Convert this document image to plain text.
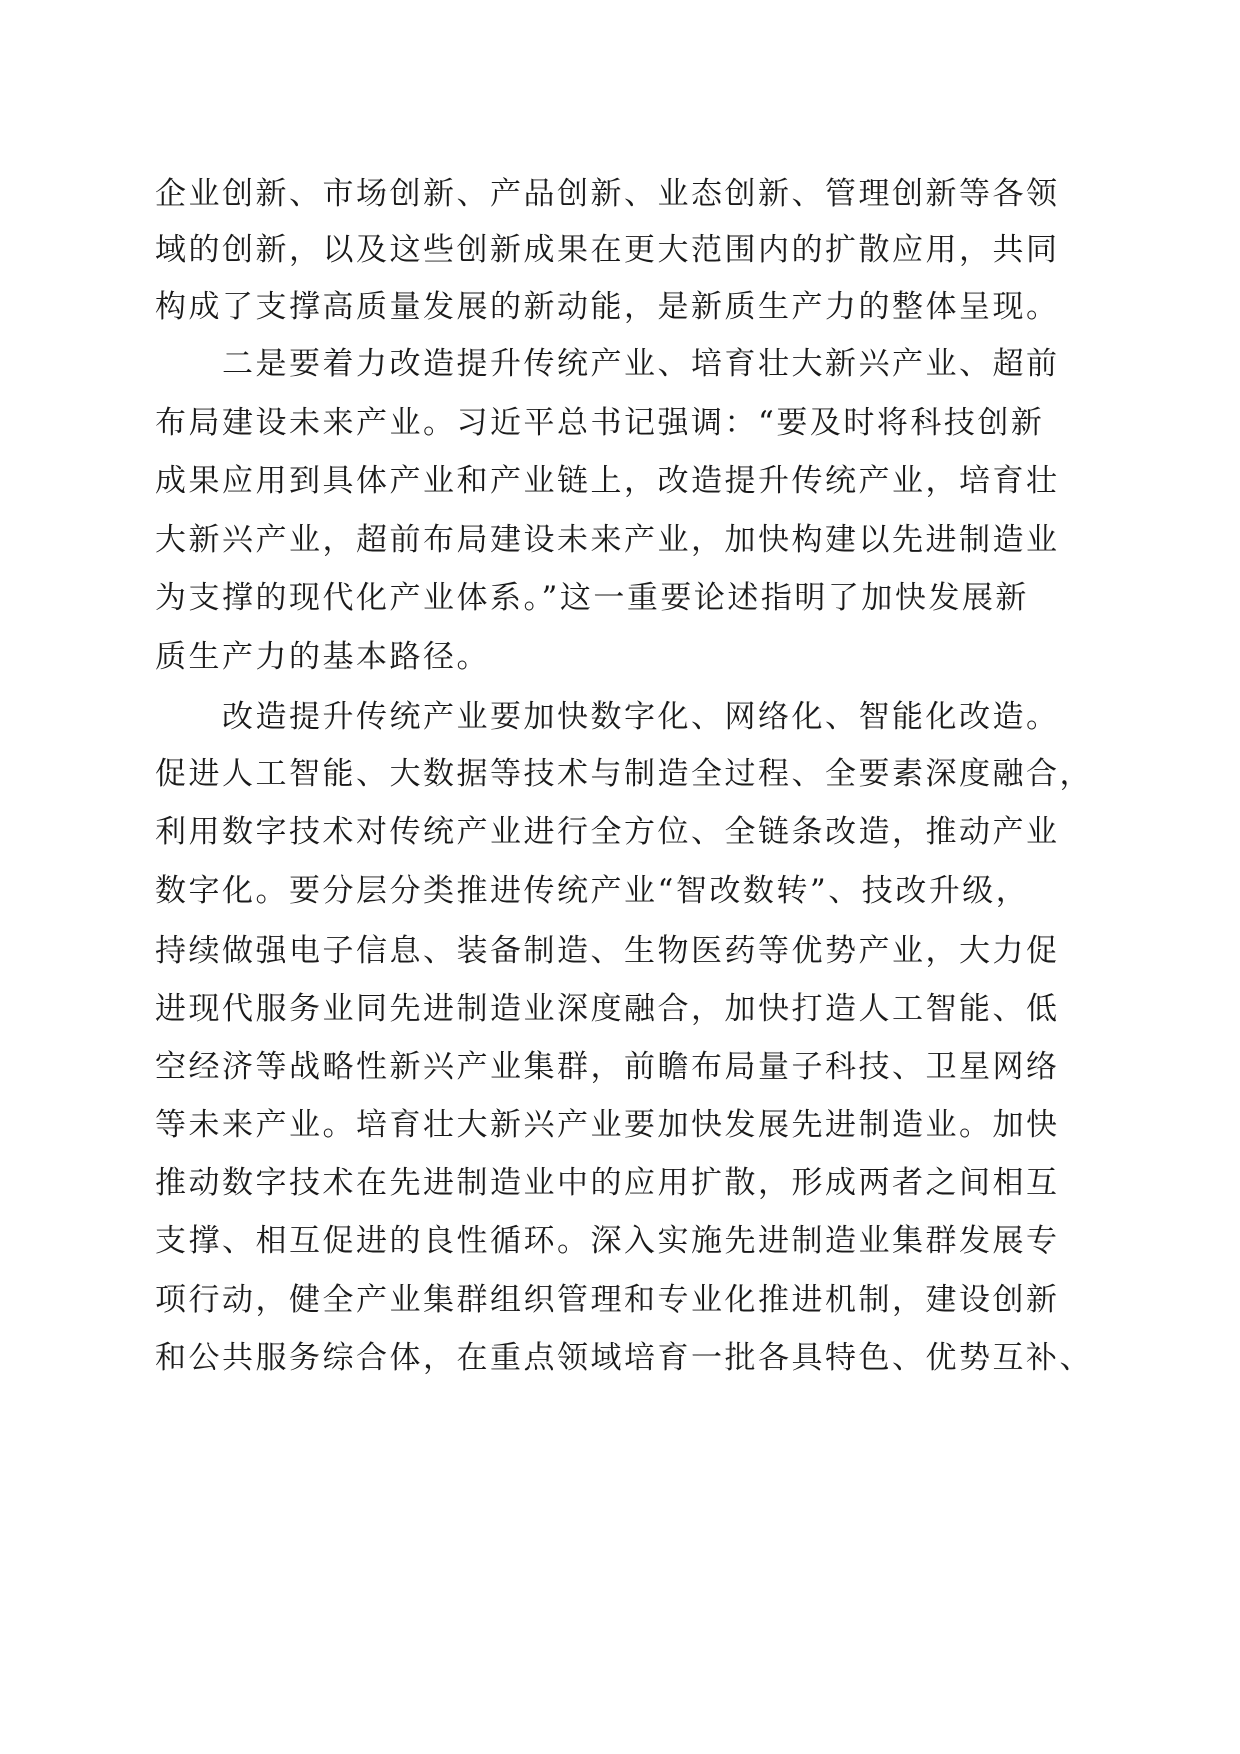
企业创新、市场创新、产品创新、业态创新、管理创新等各领

域的创新，以及这些创新成果在更大范围内的扩散应用，共同

构成了支撑高质量发展的新动能，是新质生产力的整体呈现。

二是要着力改造提升传统产业、培育壮大新兴产业、超前

布局建设未来产业。习近平总书记强调：“要及时将科技创新

成果应用到具体产业和产业链上，改造提升传统产业，培育壮

大新兴产业，超前布局建设未来产业，加快构建以先进制造业

为支撑的现代化产业体系。”这一重要论述指明了加快发展新

质生产力的基本路径。

改造提升传统产业要加快数字化、网络化、智能化改造。

促进人工智能、大数据等技术与制造全过程、全要素深度融合，

利用数字技术对传统产业进行全方位、全链条改造，推动产业

数字化。要分层分类推进传统产业“智改数转”、技改升级，

持续做强电子信息、装备制造、生物医药等优势产业，大力促

进现代服务业同先进制造业深度融合，加快打造人工智能、低

空经济等战略性新兴产业集群，前瞻布局量子科技、卫星网络

等未来产业。培育壮大新兴产业要加快发展先进制造业。加快

推动数字技术在先进制造业中的应用扩散，形成两者之间相互

支撑、相互促进的良性循环。深入实施先进制造业集群发展专

项行动，健全产业集群组织管理和专业化推进机制，建设创新

和公共服务综合体，在重点领域培育一批各具特色、优势互补、
